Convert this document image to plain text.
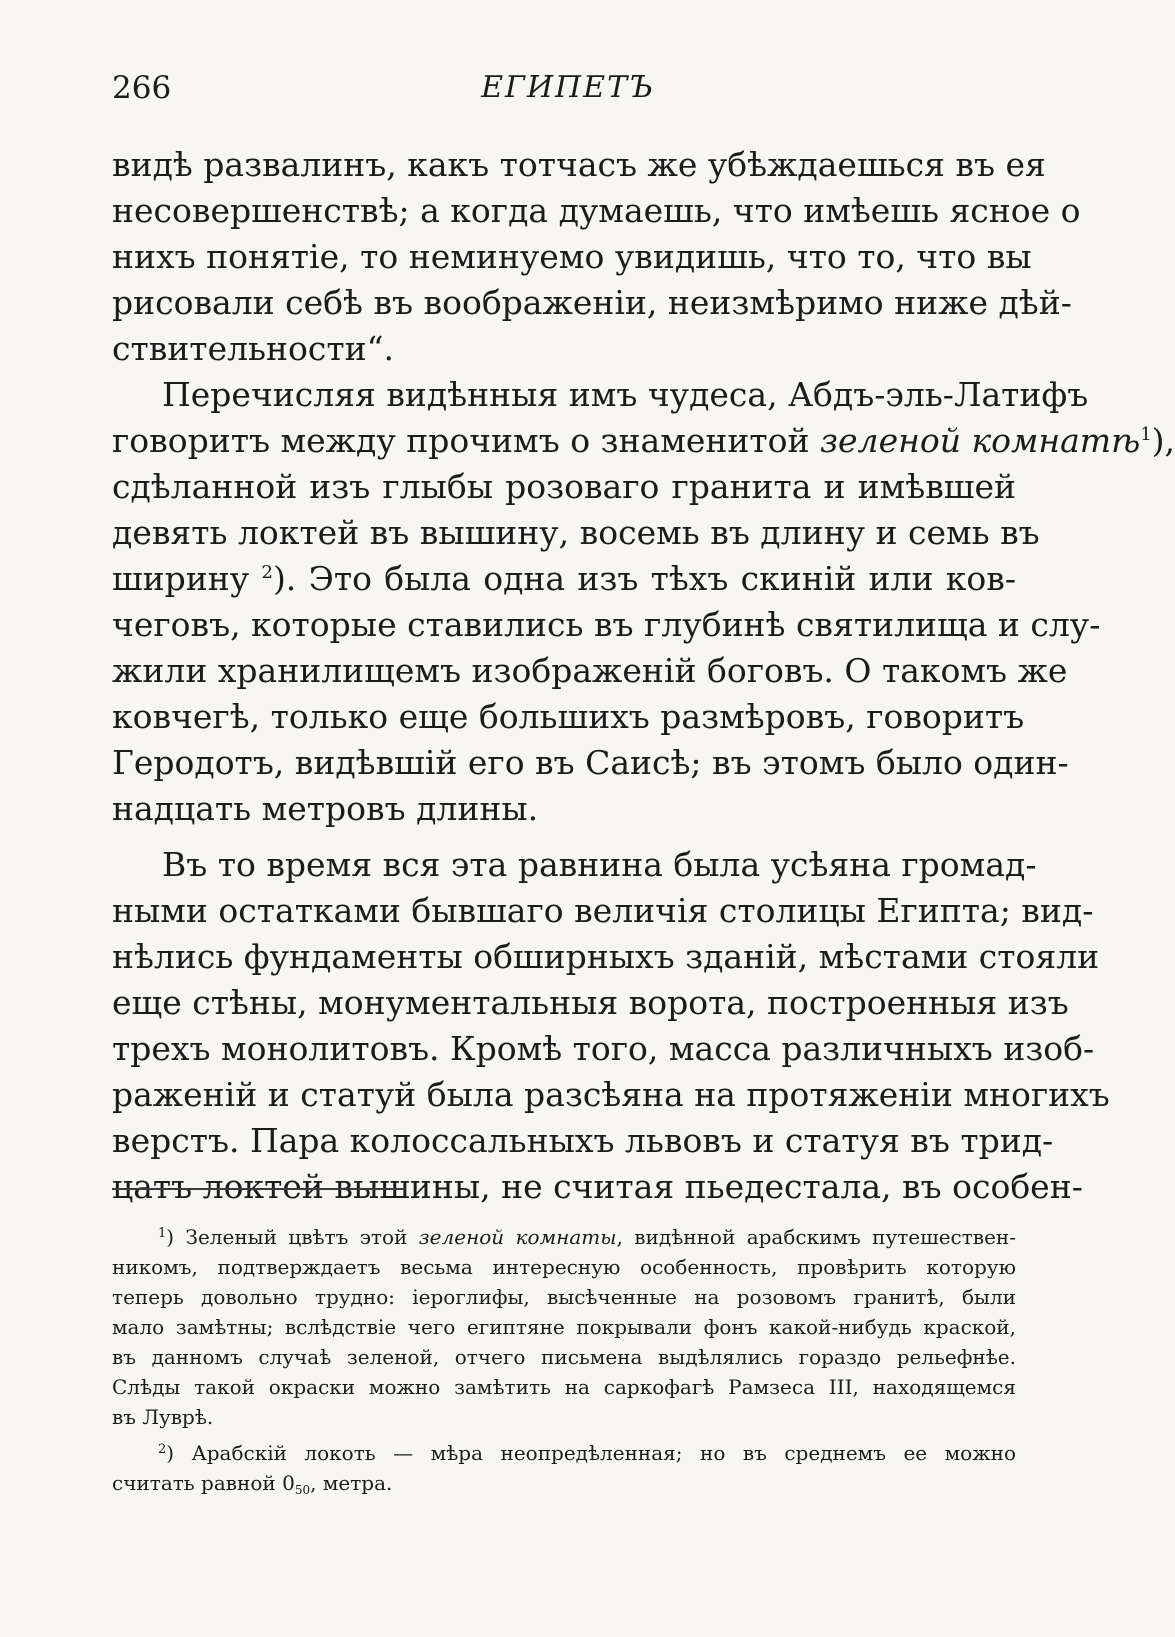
266	ЕГИПЕТЪ
видѣ развалинъ, какъ тотчасъ же убѣждаешься въ ея
несовершенствѣ; а когда думаешь, что имѣешь ясное о
нихъ понятіе, то неминуемо увидишь, что то, что вы
рисовали себѣ въ воображеніи, неизмѣримо ниже дѣй-
ствительности“.
Перечисляя видѣнныя имъ чудеса, Абдъ-эль-Латифъ
говоритъ между прочимъ о знаменитой зеленой комнатѣ$^1$),
сдѣланной изъ глыбы розоваго гранита и имѣвшей
девять локтей въ вышину, восемь въ длину и семь въ
ширину $^2$). Это была одна изъ тѣхъ скиній или ков-
чеговъ, которые ставились въ глубинѣ святилища и слу-
жили хранилищемъ изображеній боговъ. О такомъ же
ковчегѣ, только еще большихъ размѣровъ, говоритъ
Геродотъ, видѣвшій его въ Саисѣ; въ этомъ было один-
надцать метровъ длины.
Въ то время вся эта равнина была усѣяна громад-
ными остатками бывшаго величія столицы Египта; вид-
нѣлись фундаменты обширныхъ зданій, мѣстами стояли
еще стѣны, монументальныя ворота, построенныя изъ
трехъ монолитовъ. Кромѣ того, масса различныхъ изоб-
раженій и статуй была разсѣяна на протяженіи многихъ
верстъ. Пара колоссальныхъ львовъ и статуя въ трид-
цатъ локтей вышины, не считая пьедестала, въ особен-
$^1$) Зеленый цвѣтъ этой зеленой комнаты, видѣнной арабскимъ путешествен-
никомъ, подтверждаетъ весьма интересную особенность, провѣрить которую
теперь довольно трудно: іероглифы, высѣченные на розовомъ гранитѣ, были
мало замѣтны; вслѣдствіе чего египтяне покрывали фонъ какой-нибудь краской,
въ данномъ случаѣ зеленой, отчего письмена выдѣлялись гораздо рельефнѣе.
Слѣды такой окраски можно замѣтить на саркофагѣ Рамзеса III, находящемся
въ Луврѣ.
$^2$) Арабскій локоть — мѣра неопредѣленная; но въ среднемъ ее можно
считать равной $0_{50}$, метра.
